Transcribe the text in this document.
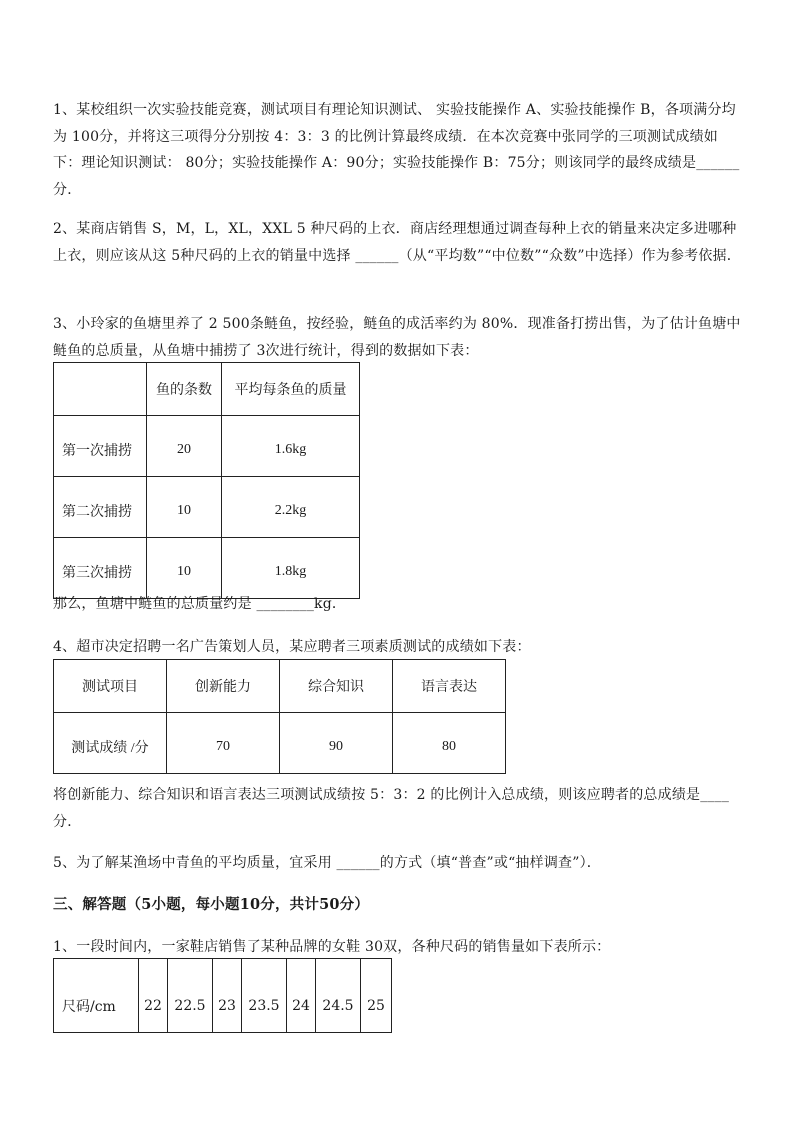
1、某校组织一次实验技能竞赛，测试项目有理论知识测试、 实验技能操作 A、实验技能操作 B，各项满分均为 100分，并将这三项得分分别按 4：3：3 的比例计算最终成绩．在本次竞赛中张同学的三项测试成绩如下：理论知识测试： 80分；实验技能操作 A：90分；实验技能操作 B：75分；则该同学的最终成绩是______分．

2、某商店销售 S，M，L，XL，XXL 5 种尺码的上衣．商店经理想通过调查每种上衣的销量来决定多进哪种上衣，则应该从这 5种尺码的上衣的销量中选择 ______（从“平均数”“中位数”“众数”中选择）作为参考依据．

3、小玲家的鱼塘里养了 2 500条鲢鱼，按经验，鲢鱼的成活率约为 80%．现准备打捞出售，为了估计鱼塘中鲢鱼的总质量，从鱼塘中捕捞了 3次进行统计，得到的数据如下表：

	鱼的条数	平均每条鱼的质量
第一次捕捞	20	1.6kg
第二次捕捞	10	2.2kg
第三次捕捞	10	1.8kg

那么，鱼塘中鲢鱼的总质量约是 ________kg．

4、超市决定招聘一名广告策划人员，某应聘者三项素质测试的成绩如下表：

测试项目	创新能力	综合知识	语言表达
测试成绩 /分	70	90	80

将创新能力、综合知识和语言表达三项测试成绩按 5：3：2 的比例计入总成绩，则该应聘者的总成绩是____分．

5、为了解某渔场中青鱼的平均质量，宜采用 ______的方式（填“普查”或“抽样调查”）．

三、解答题（5小题，每小题10分，共计50分）

1、一段时间内，一家鞋店销售了某种品牌的女鞋 30双，各种尺码的销售量如下表所示：

尺码/cm	22	22.5	23	23.5	24	24.5	25
